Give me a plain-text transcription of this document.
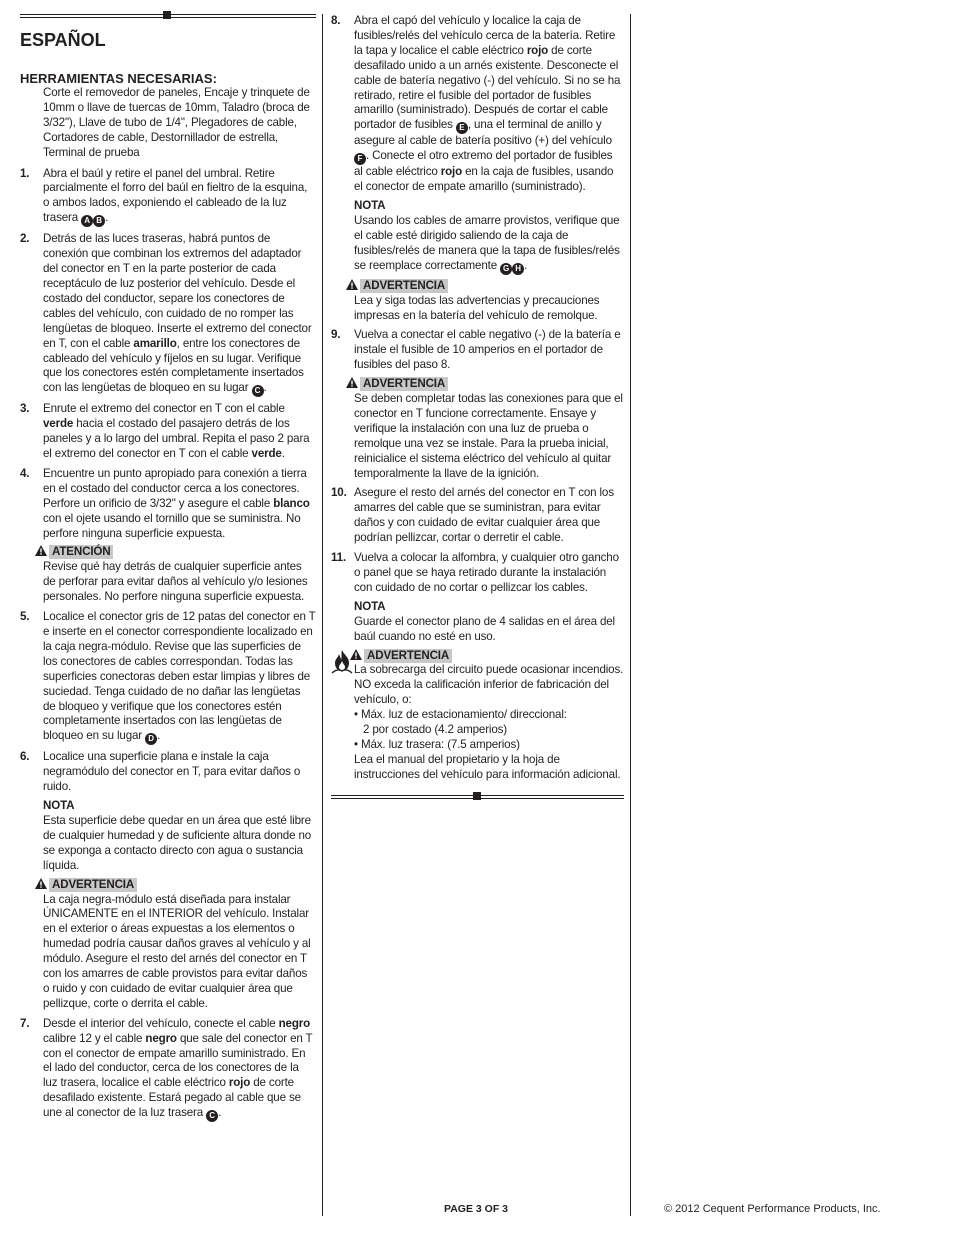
ESPAÑOL
HERRAMIENTAS NECESARIAS:
Corte el removedor de paneles, Encaje y trinquete de 10mm o llave de tuercas de 10mm, Taladro (broca de 3/32"), Llave de tubo de 1/4", Plegadores de cable, Cortadores de cable, Destornillador de estrella, Terminal de prueba
1. Abra el baúl y retire el panel del umbral. Retire parcialmente el forro del baúl en fieltro de la esquina, o ambos lados, exponiendo el cableado de la luz trasera A B .

2. Detrás de las luces traseras, habrá puntos de conexión que combinan los extremos del adaptador del conector en T en la parte posterior de cada receptáculo de luz posterior del vehículo. Desde el costado del conductor, separe los conectores de cables del vehículo, con cuidado de no romper las lengüetas de bloqueo. Inserte el extremo del conector en T, con el cable amarillo, entre los conectores de cableado del vehículo y fíjelos en su lugar. Verifique que los conectores estén completamente insertados con las lengüetas de bloqueo en su lugar C .

3. Enrute el extremo del conector en T con el cable verde hacia el costado del pasajero detrás de los paneles y a lo largo del umbral. Repita el paso 2 para el extremo del conector en T con el cable verde.

4. Encuentre un punto apropiado para conexión a tierra en el costado del conductor cerca a los conectores. Perfore un orificio de 3/32" y asegure el cable blanco con el ojete usando el tornillo que se suministra. No perfore ninguna superficie expuesta.

ATENCIÓN

Revise qué hay detrás de cualquier superficie antes de perforar para evitar daños al vehículo y/o lesiones personales. No perfore ninguna superficie expuesta.

5. Localice el conector gris de 12 patas del conector en T e inserte en el conector correspondiente localizado en la caja negra-módulo. Revise que las superficies de los conectores de cables correspondan. Todas las superficies conectoras deben estar limpias y libres de suciedad. Tenga cuidado de no dañar las lengüetas de bloqueo y verifique que los conectores estén completamente insertados con las lengüetas de bloqueo en su lugar D .

6. Localice una superficie plana e instale la caja negramódulo del conector en T, para evitar daños o ruido.

NOTA

Esta superficie debe quedar en un área que esté libre de cualquier humedad y de suficiente altura donde no se exponga a contacto directo con agua o sustancia líquida.

ADVERTENCIA

La caja negra-módulo está diseñada para instalar ÚNICAMENTE en el INTERIOR del vehículo. Instalar en el exterior o áreas expuestas a los elementos o humedad podría causar daños graves al vehículo y al módulo. Asegure el resto del arnés del conector en T con los amarres de cable provistos para evitar daños o ruido y con cuidado de evitar cualquier área que pellizque, corte o derrita el cable.

7. Desde el interior del vehículo, conecte el cable negro calibre 12 y el cable negro que sale del conector en T con el conector de empate amarillo suministrado. En el lado del conductor, cerca de los conectores de la luz trasera, localice el cable eléctrico rojo de corte desafilado existente. Estará pegado al cable que se une al conector de la luz trasera C .

8. Abra el capó del vehículo y localice la caja de fusibles/relés del vehículo cerca de la batería. Retire la tapa y localice el cable eléctrico rojo de corte desafilado unido a un arnés existente. Desconecte el cable de batería negativo (-) del vehículo. Si no se ha retirado, retire el fusible del portador de fusibles amarillo (suministrado). Después de cortar el cable portador de fusibles E , una el terminal de anillo y asegure al cable de batería positivo (+) del vehículo F . Conecte el otro extremo del portador de fusibles al cable eléctrico rojo en la caja de fusibles, usando el conector de empate amarillo (suministrado).

NOTA

Usando los cables de amarre provistos, verifique que el cable esté dirigido saliendo de la caja de fusibles/relés de manera que la tapa de fusibles/relés se reemplace correctamente G H .

ADVERTENCIA

Lea y siga todas las advertencias y precauciones impresas en la batería del vehículo de remolque.

9. Vuelva a conectar el cable negativo (-) de la batería e instale el fusible de 10 amperios en el portador de fusibles del paso 8.

ADVERTENCIA

Se deben completar todas las conexiones para que el conector en T funcione correctamente. Ensaye y verifique la instalación con una luz de prueba o remolque una vez se instale. Para la prueba inicial, reinicialice el sistema eléctrico del vehículo al quitar temporalmente la llave de la ignición.

10. Asegure el resto del arnés del conector en T con los amarres del cable que se suministran, para evitar daños y con cuidado de evitar cualquier área que podrían pellizcar, cortar o derretir el cable.

11. Vuelva a colocar la alfombra, y cualquier otro gancho o panel que se haya retirado durante la instalación con cuidado de no cortar o pellizcar los cables.

NOTA

Guarde el conector plano de 4 salidas en el área del baúl cuando no esté en uso.

ADVERTENCIA

La sobrecarga del circuito puede ocasionar incendios. NO exceda la calificación inferior de fabricación del vehículo, o:

• Máx. luz de estacionamiento/ direccional:

2 por costado (4.2 amperios)

• Máx. luz trasera: (7.5 amperios)

Lea el manual del propietario y la hoja de instrucciones del vehículo para información adicional.

PAGE 3 OF 3	© 2012 Cequent Performance Products, Inc.
